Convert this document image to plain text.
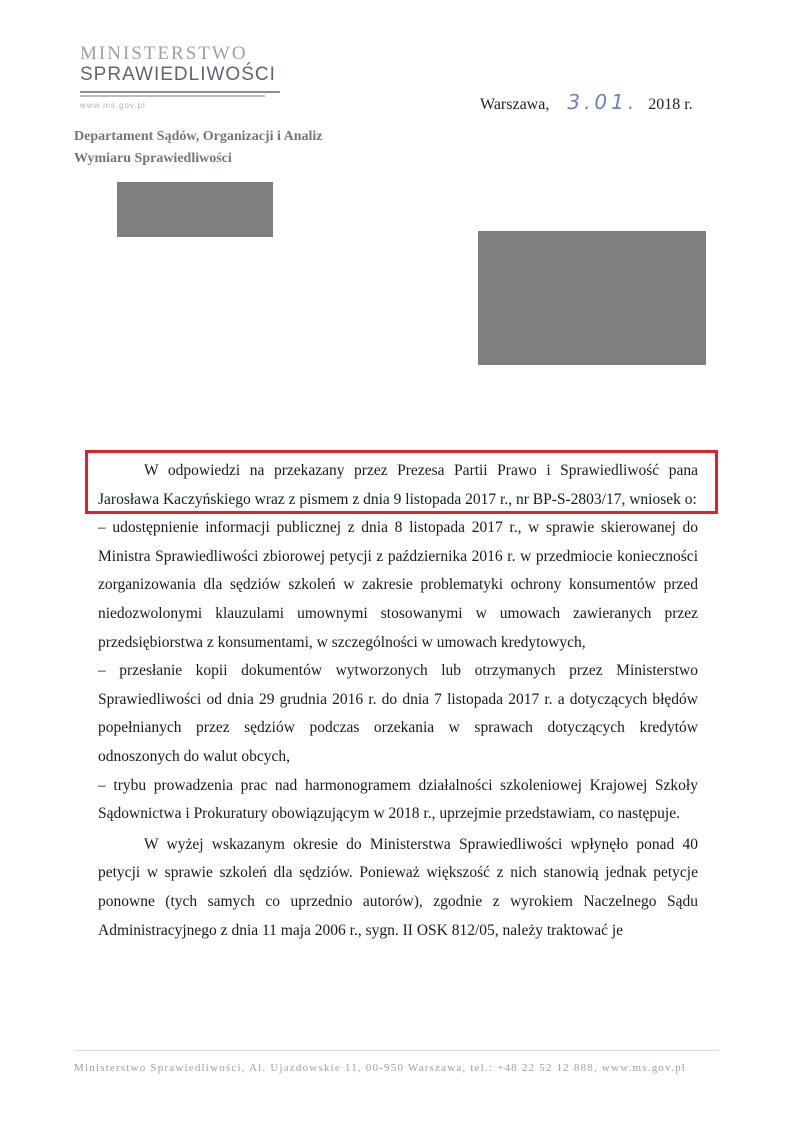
MINISTERSTWO
SPRAWIEDLIWOŚCI
www.ms.gov.pl
Departament Sądów, Organizacji i Analiz
Wymiaru Sprawiedliwości
Warszawa, 3.01. 2018 r.

W odpowiedzi na przekazany przez Prezesa Partii Prawo i Sprawiedliwość pana Jarosława Kaczyńskiego wraz z pismem z dnia 9 listopada 2017 r., nr BP-S-2803/17, wniosek o:

– udostępnienie informacji publicznej z dnia 8 listopada 2017 r., w sprawie skierowanej do Ministra Sprawiedliwości zbiorowej petycji z października 2016 r. w przedmiocie konieczności zorganizowania dla sędziów szkoleń w zakresie problematyki ochrony konsumentów przed niedozwolonymi klauzulami umownymi stosowanymi w umowach zawieranych przez przedsiębiorstwa z konsumentami, w szczególności w umowach kredytowych,

– przesłanie kopii dokumentów wytworzonych lub otrzymanych przez Ministerstwo Sprawiedliwości od dnia 29 grudnia 2016 r. do dnia 7 listopada 2017 r. a dotyczących błędów popełnianych przez sędziów podczas orzekania w sprawach dotyczących kredytów odnoszonych do walut obcych,

– trybu prowadzenia prac nad harmonogramem działalności szkoleniowej Krajowej Szkoły Sądownictwa i Prokuratury obowiązującym w 2018 r., uprzejmie przedstawiam, co następuje.

W wyżej wskazanym okresie do Ministerstwa Sprawiedliwości wpłynęło ponad 40 petycji w sprawie szkoleń dla sędziów. Ponieważ większość z nich stanowią jednak petycje ponowne (tych samych co uprzednio autorów), zgodnie z wyrokiem Naczelnego Sądu Administracyjnego z dnia 11 maja 2006 r., sygn. II OSK 812/05, należy traktować je

Ministerstwo Sprawiedliwości, Al. Ujazdowskie 11, 00-950 Warszawa, tel.: +48 22 52 12 888, www.ms.gov.pl
